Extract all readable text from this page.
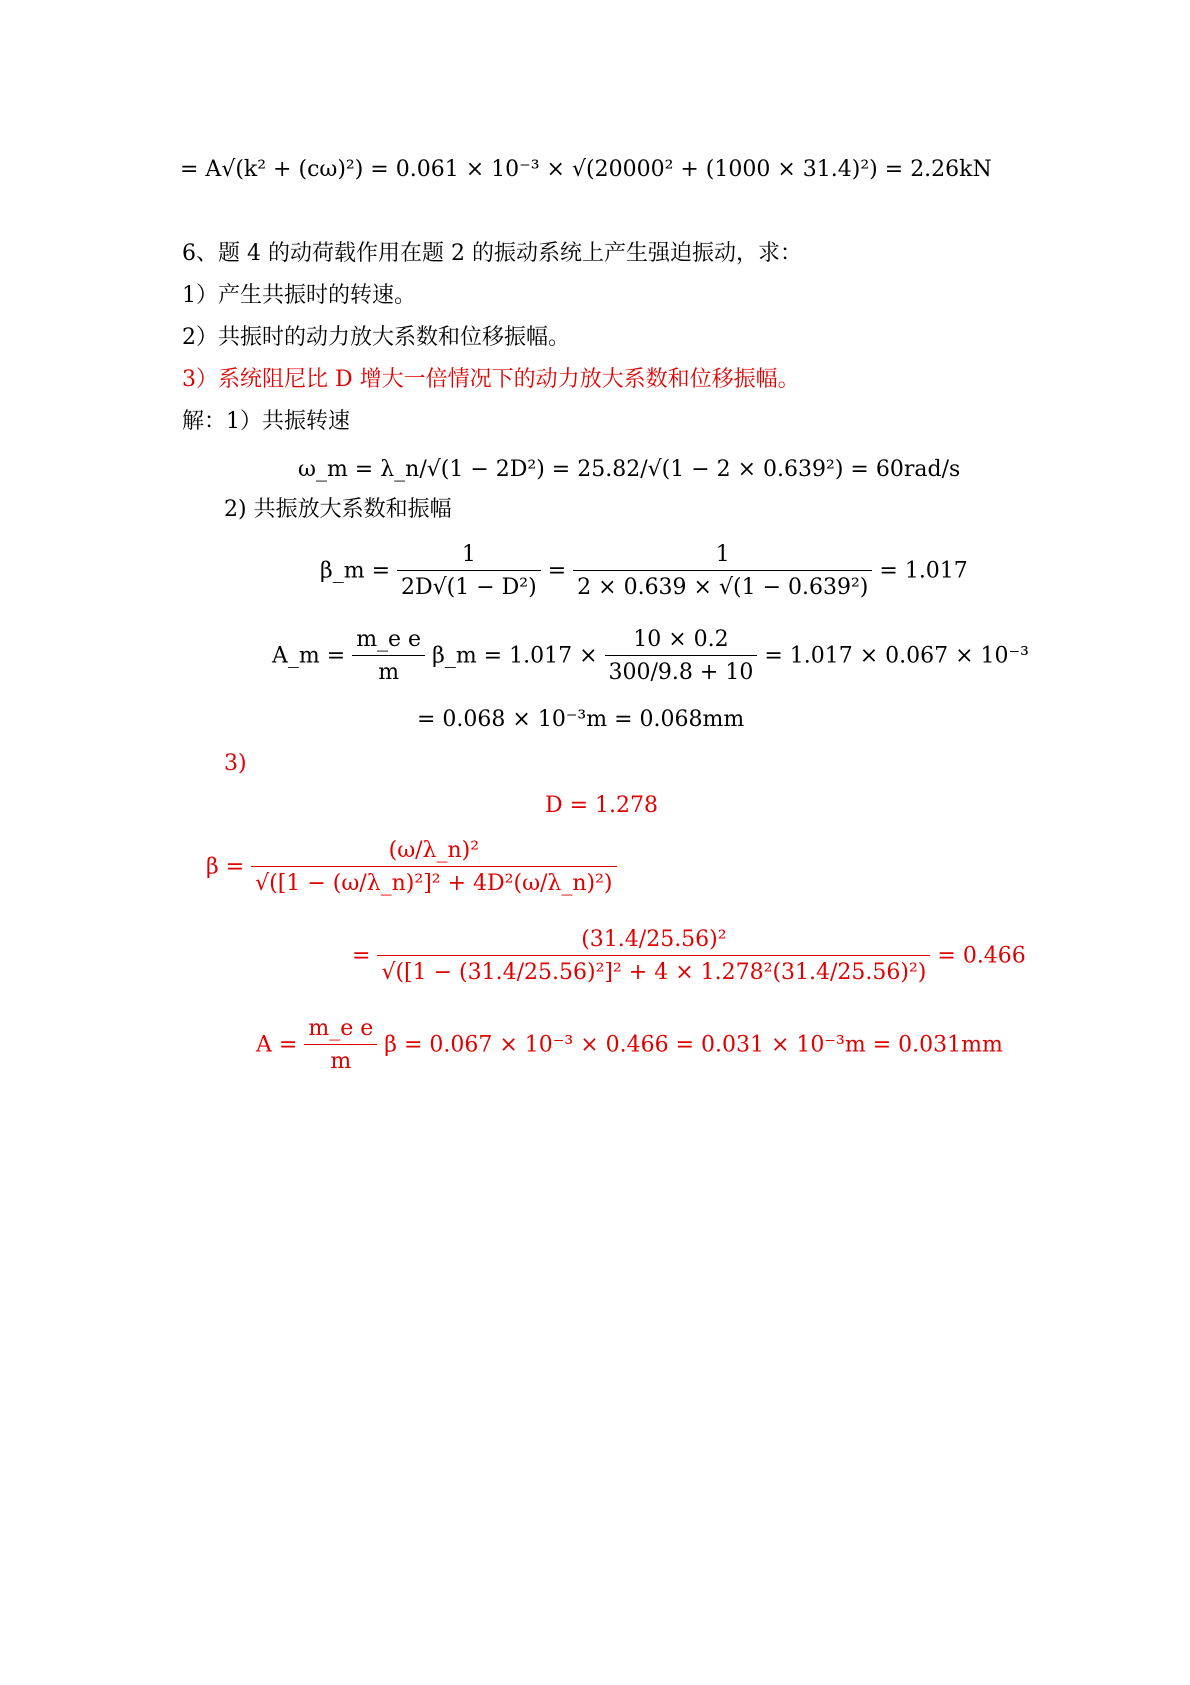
= A√(k² + (cω)²) = 0.061 × 10⁻³ × √(20000² + (1000 × 31.4)²) = 2.26kN
6、题 4 的动荷载作用在题 2 的振动系统上产生强迫振动，求：
1）产生共振时的转速。
2）共振时的动力放大系数和位移振幅。
3）系统阻尼比 D 增大一倍情况下的动力放大系数和位移振幅。
解：1）共振转速
ω_m = λ_n/√(1 − 2D²) = 25.82/√(1 − 2 × 0.639²) = 60rad/s
2) 共振放大系数和振幅
β_m = $\frac{1}{\text{2D√(1 − D²)}} = \frac{1}{\text{2 × 0.639 × √(1 − 0.639²)}} = 1.017$
A_m = $\frac{\text{m\_e e}}{m}$ β_m = $1.017 \times \frac{10 \times 0.2}{300/9.8 + 10} = 1.017 \times 0.067 \times 10^{-3}$
= 0.068 × 10⁻³m = 0.068mm
3)
D = 1.278
$\beta = \frac{\text{(ω/λ\_n)²}}{\text{√([1 − (ω/λ\_n)²]² + 4D²(ω/λ\_n)²)}}$
= $\frac{\text{(31.4/25.56)²}}{\text{√([1 − (31.4/25.56)²]² + 4 × 1.278²(31.4/25.56)²)}} = 0.466$
$A = \frac{\text{m\_e e}}{m}$ β = 0.067 × 10⁻³ × 0.466 = 0.031 × 10⁻³m = 0.031mm
